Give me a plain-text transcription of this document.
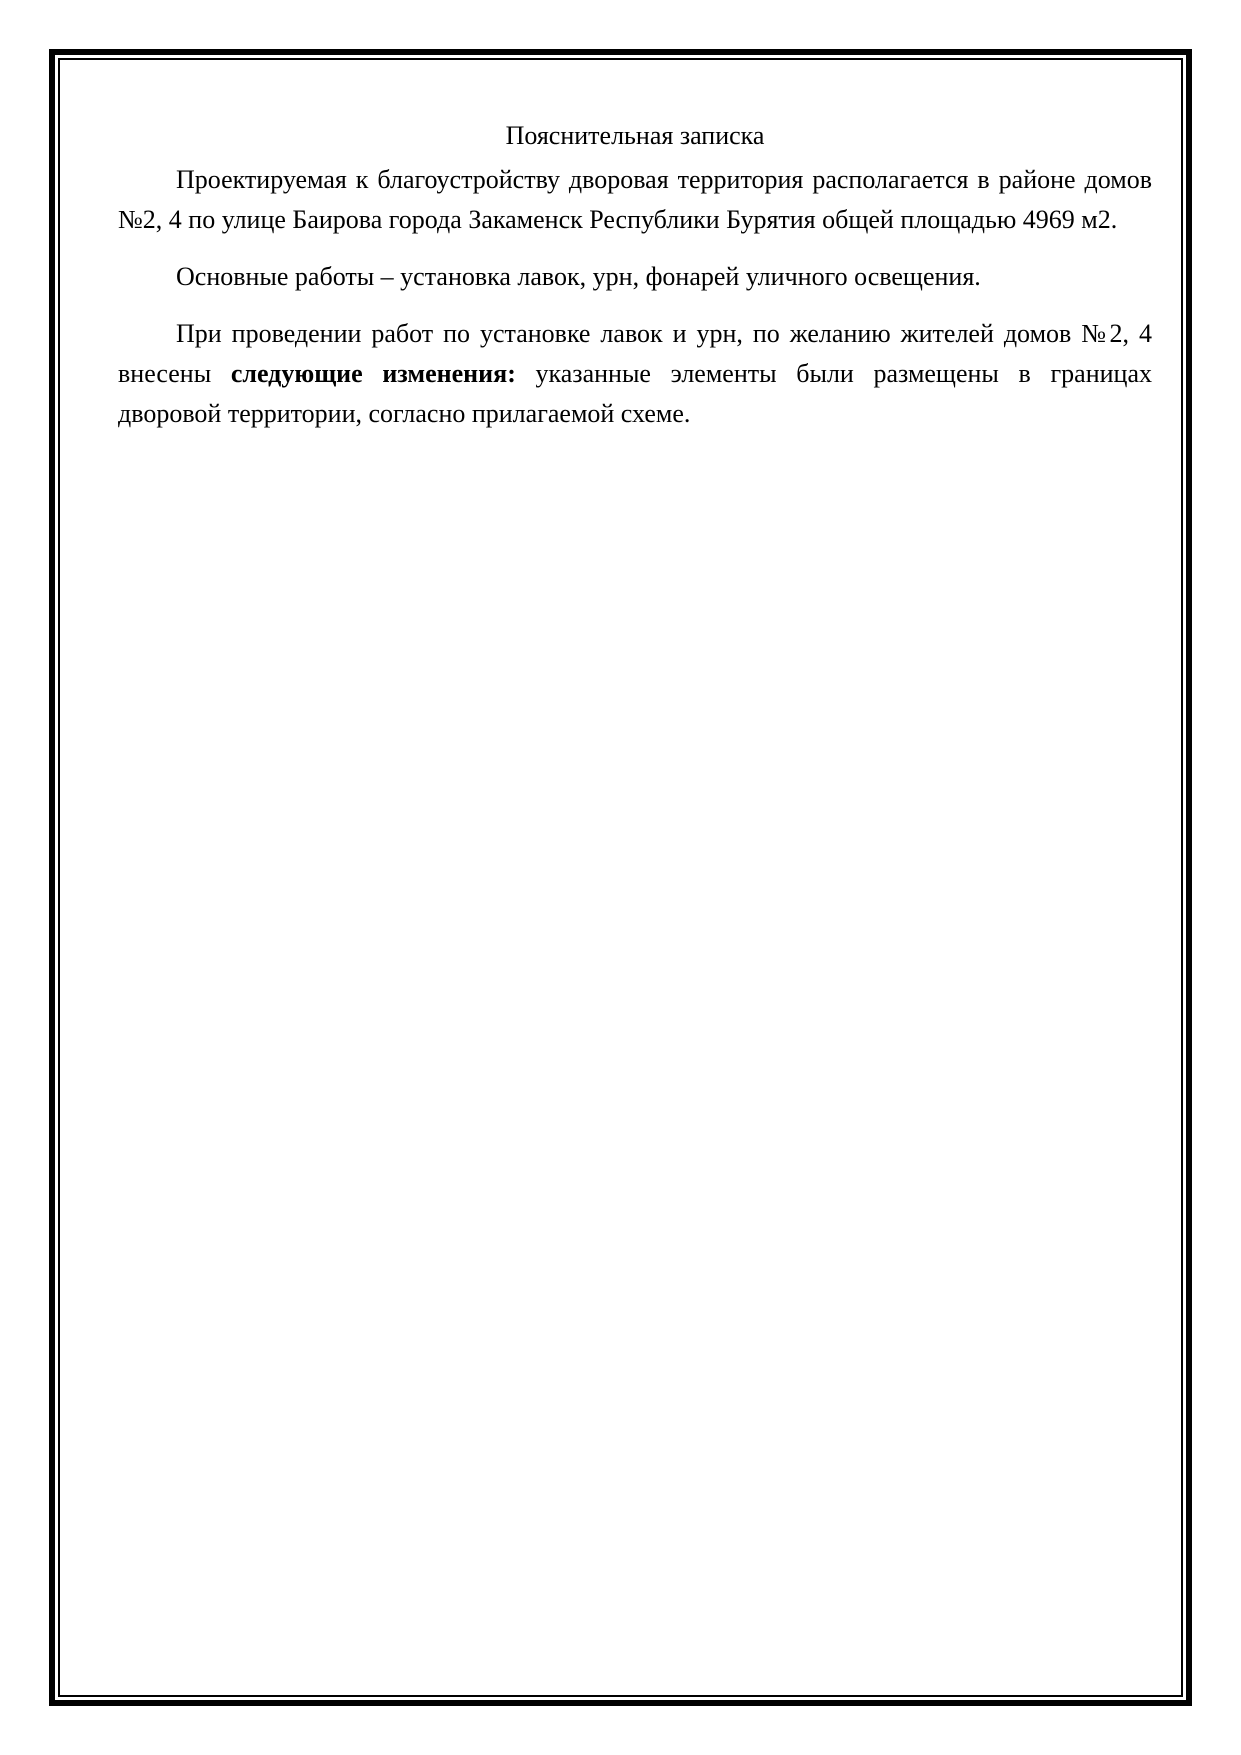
Пояснительная записка

Проектируемая к благоустройству дворовая территория располагается в районе домов №2, 4 по улице Баирова города Закаменск Республики Бурятия общей площадью 4969 м2.

Основные работы – установка лавок, урн, фонарей уличного освещения.

При проведении работ по установке лавок и урн, по желанию жителей домов №2, 4 внесены следующие изменения: указанные элементы были размещены в границах дворовой территории, согласно прилагаемой схеме.
